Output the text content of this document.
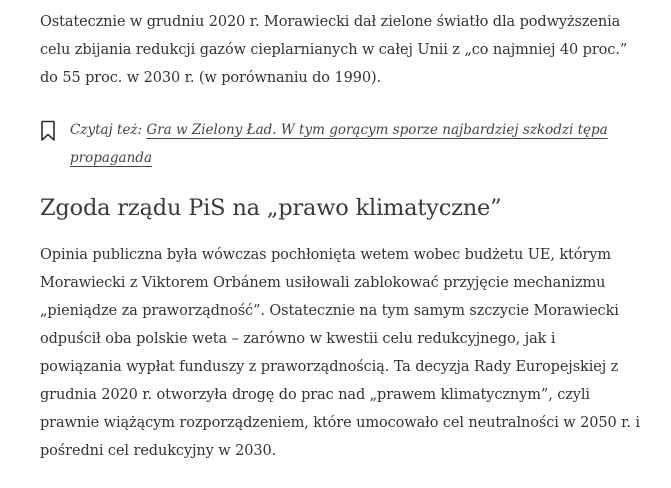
Ostatecznie w grudniu 2020 r. Morawiecki dał zielone światło dla podwyższenia celu zbijania redukcji gazów cieplarnianych w całej Unii z „co najmniej 40 proc.” do 55 proc. w 2030 r. (w porównaniu do 1990).

Czytaj też: Gra w Zielony Ład. W tym gorącym sporze najbardziej szkodzi tępa propaganda

Zgoda rządu PiS na „prawo klimatyczne”

Opinia publiczna była wówczas pochłonięta wetem wobec budżetu UE, którym Morawiecki z Viktorem Orbánem usiłowali zablokować przyjęcie mechanizmu „pieniądze za praworządność”. Ostatecznie na tym samym szczycie Morawiecki odpuścił oba polskie weta – zarówno w kwestii celu redukcyjnego, jak i powiązania wypłat funduszy z praworządnością. Ta decyzja Rady Europejskiej z grudnia 2020 r. otworzyła drogę do prac nad „prawem klimatycznym”, czyli prawnie wiążącym rozporządzeniem, które umocowało cel neutralności w 2050 r. i pośredni cel redukcyjny w 2030.
